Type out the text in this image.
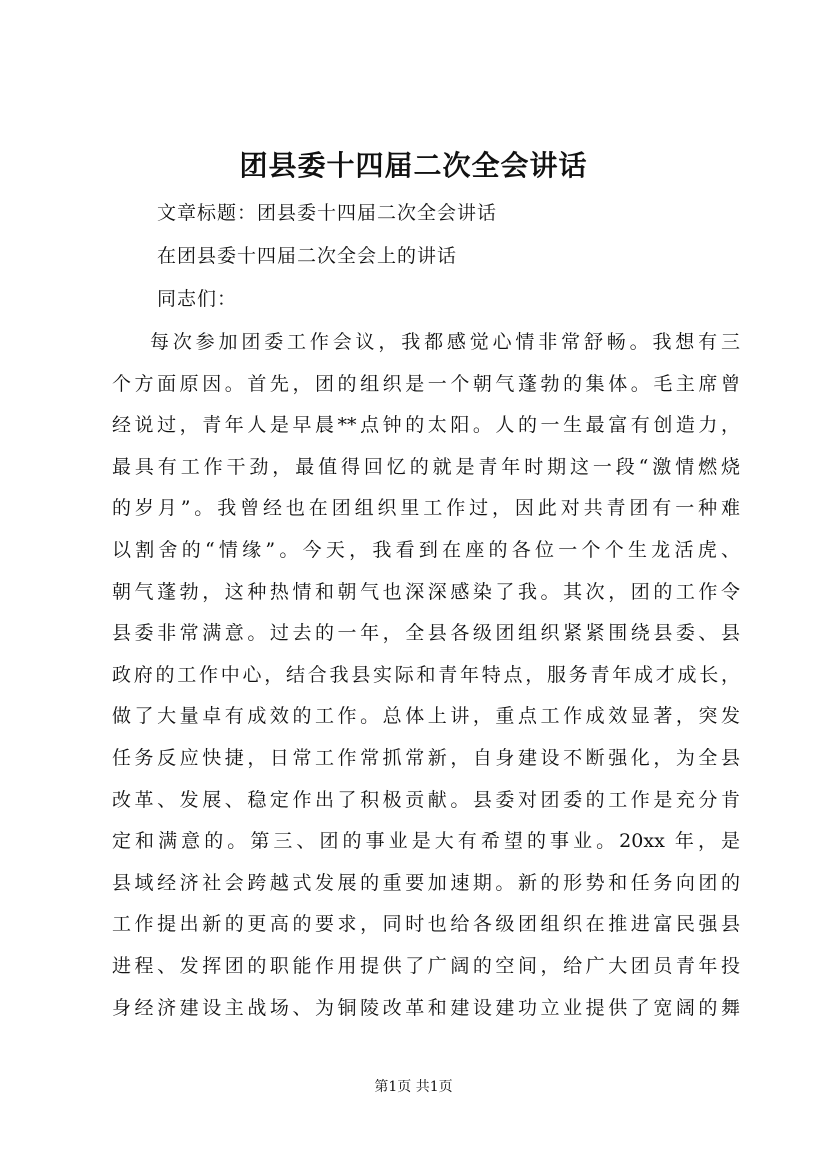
团县委十四届二次全会讲话
文章标题：团县委十四届二次全会讲话
在团县委十四届二次全会上的讲话
同志们：
每次参加团委工作会议，我都感觉心情非常舒畅。我想有三
个方面原因。首先，团的组织是一个朝气蓬勃的集体。毛主席曾
经说过，青年人是早晨**点钟的太阳。人的一生最富有创造力，
最具有工作干劲，最值得回忆的就是青年时期这一段“激情燃烧
的岁月”。我曾经也在团组织里工作过，因此对共青团有一种难
以割舍的“情缘”。今天，我看到在座的各位一个个生龙活虎、
朝气蓬勃，这种热情和朝气也深深感染了我。其次，团的工作令
县委非常满意。过去的一年，全县各级团组织紧紧围绕县委、县
政府的工作中心，结合我县实际和青年特点，服务青年成才成长，
做了大量卓有成效的工作。总体上讲，重点工作成效显著，突发
任务反应快捷，日常工作常抓常新，自身建设不断强化，为全县
改革、发展、稳定作出了积极贡献。县委对团委的工作是充分肯
定和满意的。第三、团的事业是大有希望的事业。20xx 年，是
县域经济社会跨越式发展的重要加速期。新的形势和任务向团的
工作提出新的更高的要求，同时也给各级团组织在推进富民强县
进程、发挥团的职能作用提供了广阔的空间，给广大团员青年投
身经济建设主战场、为铜陵改革和建设建功立业提供了宽阔的舞
第1页 共1页
